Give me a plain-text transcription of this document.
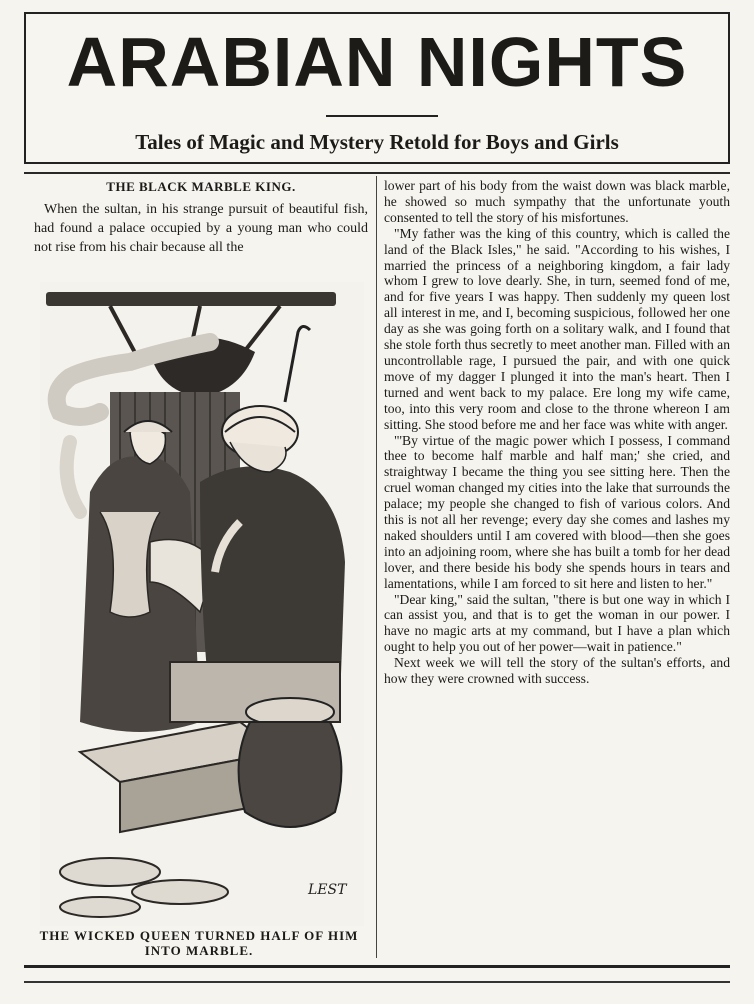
ARABIAN NIGHTS
Tales of Magic and Mystery Retold for Boys and Girls
THE BLACK MARBLE KING.

When the sultan, in his strange pursuit of beautiful fish, had found a palace occupied by a young man who could not rise from his chair because all the

LEST
THE WICKED QUEEN TURNED HALF OF HIM INTO MARBLE.

lower part of his body from the waist down was black marble, he showed so much sympathy that the unfortunate youth consented to tell the story of his misfortunes.

"My father was the king of this country, which is called the land of the Black Isles," he said. "According to his wishes, I married the princess of a neighboring kingdom, a fair lady whom I grew to love dearly. She, in turn, seemed fond of me, and for five years I was happy. Then suddenly my queen lost all interest in me, and I, becoming suspicious, followed her one day as she was going forth on a solitary walk, and I found that she stole forth thus secretly to meet another man. Filled with an uncontrollable rage, I pursued the pair, and with one quick move of my dagger I plunged it into the man's heart. Then I turned and went back to my palace. Ere long my wife came, too, into this very room and close to the throne whereon I am sitting. She stood before me and her face was white with anger.

"'By virtue of the magic power which I possess, I command thee to become half marble and half man;' she cried, and straightway I became the thing you see sitting here. Then the cruel woman changed my cities into the lake that surrounds the palace; my people she changed to fish of various colors. And this is not all her revenge; every day she comes and lashes my naked shoulders until I am covered with blood—then she goes into an adjoining room, where she has built a tomb for her dead lover, and there beside his body she spends hours in tears and lamentations, while I am forced to sit here and listen to her."

"Dear king," said the sultan, "there is but one way in which I can assist you, and that is to get the woman in our power. I have no magic arts at my command, but I have a plan which ought to help you out of her power—wait in patience."

Next week we will tell the story of the sultan's efforts, and how they were crowned with success.
